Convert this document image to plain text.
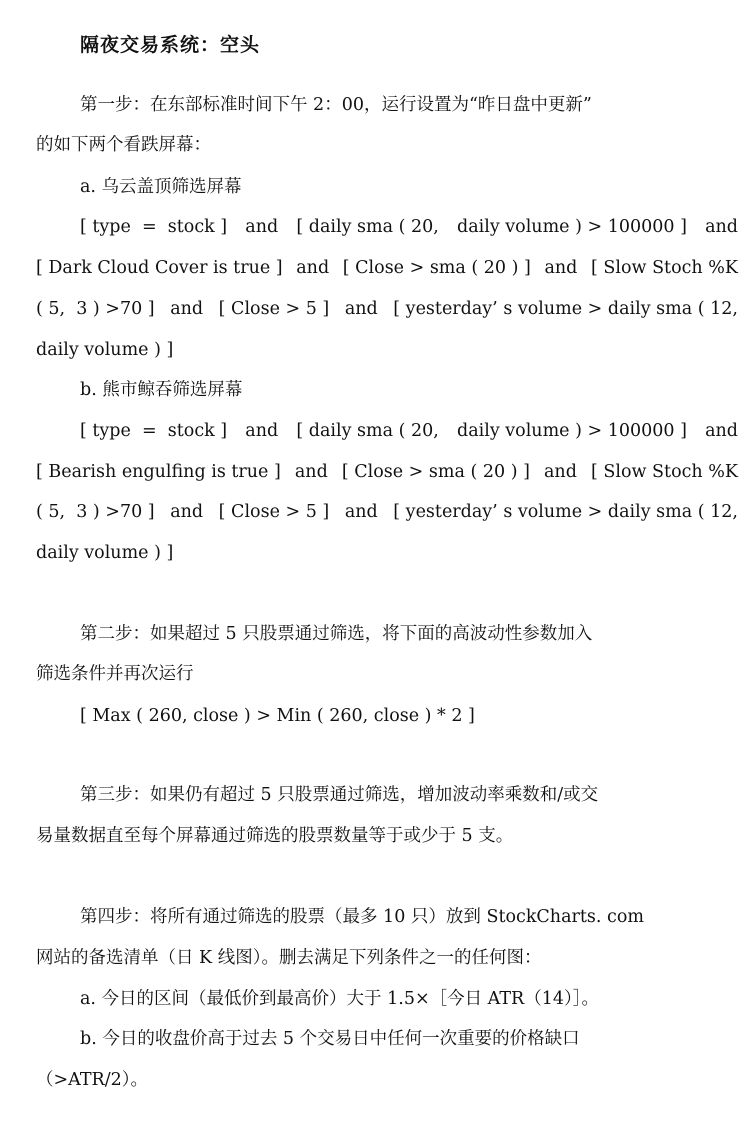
隔夜交易系统：空头
第一步：在东部标准时间下午 2：00，运行设置为“昨日盘中更新”
的如下两个看跌屏幕：
a. 乌云盖顶筛选屏幕
[ type  =  stock ] and [ daily sma ( 20, daily volume ) > 100000 ] and
[ Dark Cloud Cover is true ] and [ Close > sma ( 20 ) ] and [ Slow Stoch %K
( 5,  3 ) >70 ] and [ Close > 5 ] and [ yesterday’ s volume > daily sma ( 12,
daily volume ) ]
b. 熊市鲸吞筛选屏幕
[ type  =  stock ] and [ daily sma ( 20, daily volume ) > 100000 ] and
[ Bearish engulfing is true ] and [ Close > sma ( 20 ) ] and [ Slow Stoch %K
( 5,  3 ) >70 ] and [ Close > 5 ] and [ yesterday’ s volume > daily sma ( 12,
daily volume ) ]
第二步：如果超过 5 只股票通过筛选，将下面的高波动性参数加入
筛选条件并再次运行
[ Max ( 260, close ) > Min ( 260, close ) * 2 ]
第三步：如果仍有超过 5 只股票通过筛选，增加波动率乘数和/或交
易量数据直至每个屏幕通过筛选的股票数量等于或少于 5 支。
第四步：将所有通过筛选的股票（最多 10 只）放到 StockCharts. com
网站的备选清单（日 K 线图）。删去满足下列条件之一的任何图：
a. 今日的区间（最低价到最高价）大于 1.5×［今日 ATR（14）］。
b. 今日的收盘价高于过去 5 个交易日中任何一次重要的价格缺口
（>ATR/2）。
